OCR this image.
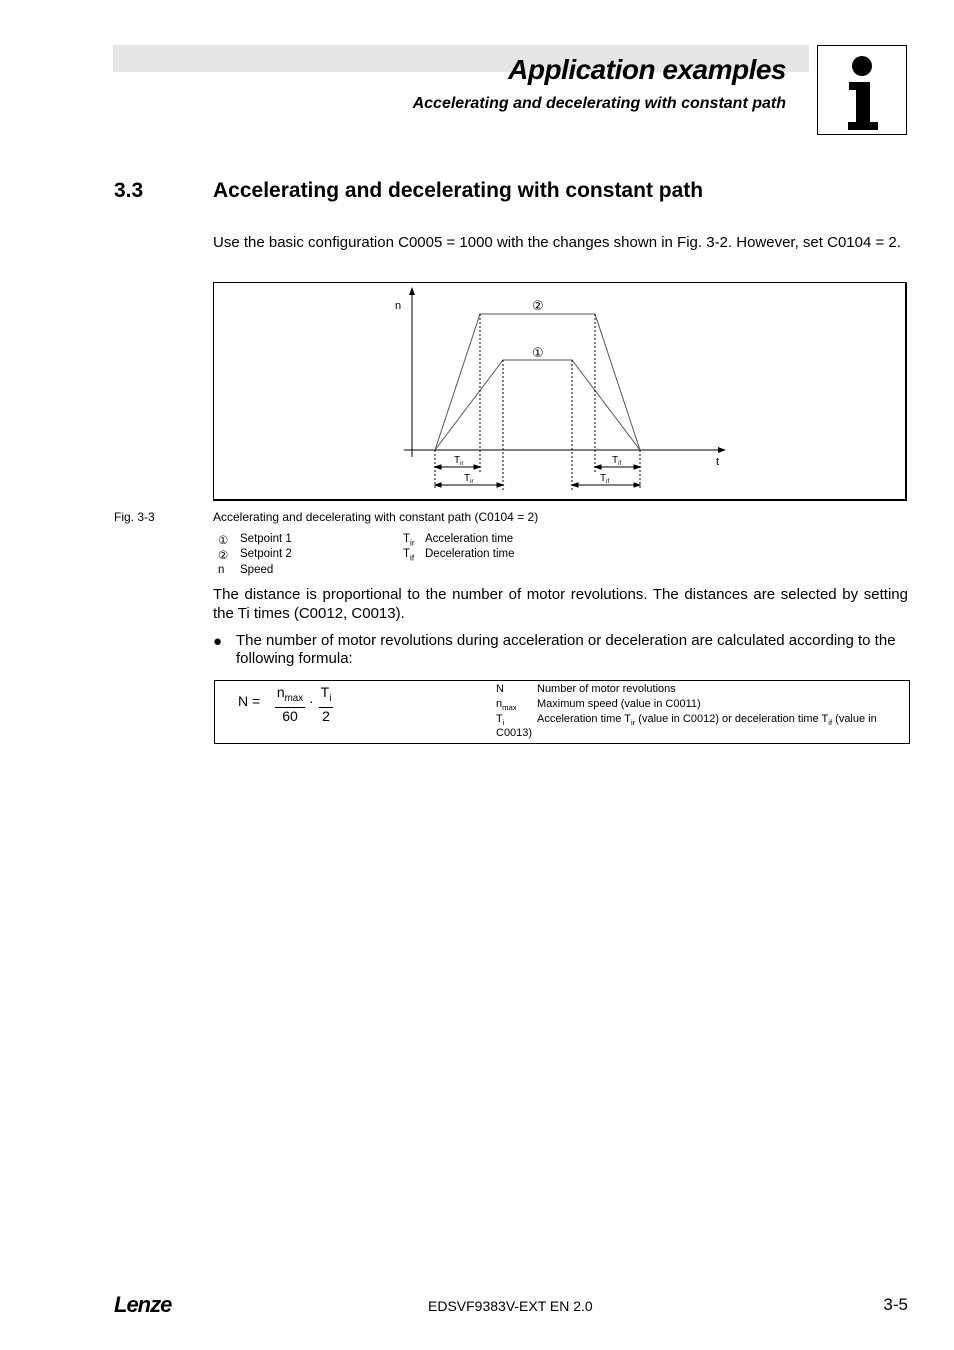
Application examples
Accelerating and decelerating with constant path
3.3	Accelerating and decelerating with constant path
Use the basic configuration C0005 = 1000 with the changes shown in Fig. 3-2. However, set C0104 = 2.
n
t
②
①
$T_{ir}$
$T_{ir}$
$T_{if}$
$T_{if}$
Fig. 3-3	Accelerating and decelerating with constant path (C0104 = 2)
① Setpoint 1
② Setpoint 2
n Speed
$T_{ir}$ Acceleration time
$T_{if}$ Deceleration time
The distance is proportional to the number of motor revolutions. The distances are selected by setting the Ti times (C0012, C0013).
● The number of motor revolutions during acceleration or deceleration are calculated according to the following formula:
N =
$n_{max}$
60
·
$T_i$
2
N	Number of motor revolutions
$n_{max}$ Maximum speed (value in C0011)
$T_i$	Acceleration time $T_{ir}$ (value in C0012) or deceleration time $T_{if}$ (value in
C0013)
Lenze	EDSVF9383V-EXT EN 2.0	3-5
